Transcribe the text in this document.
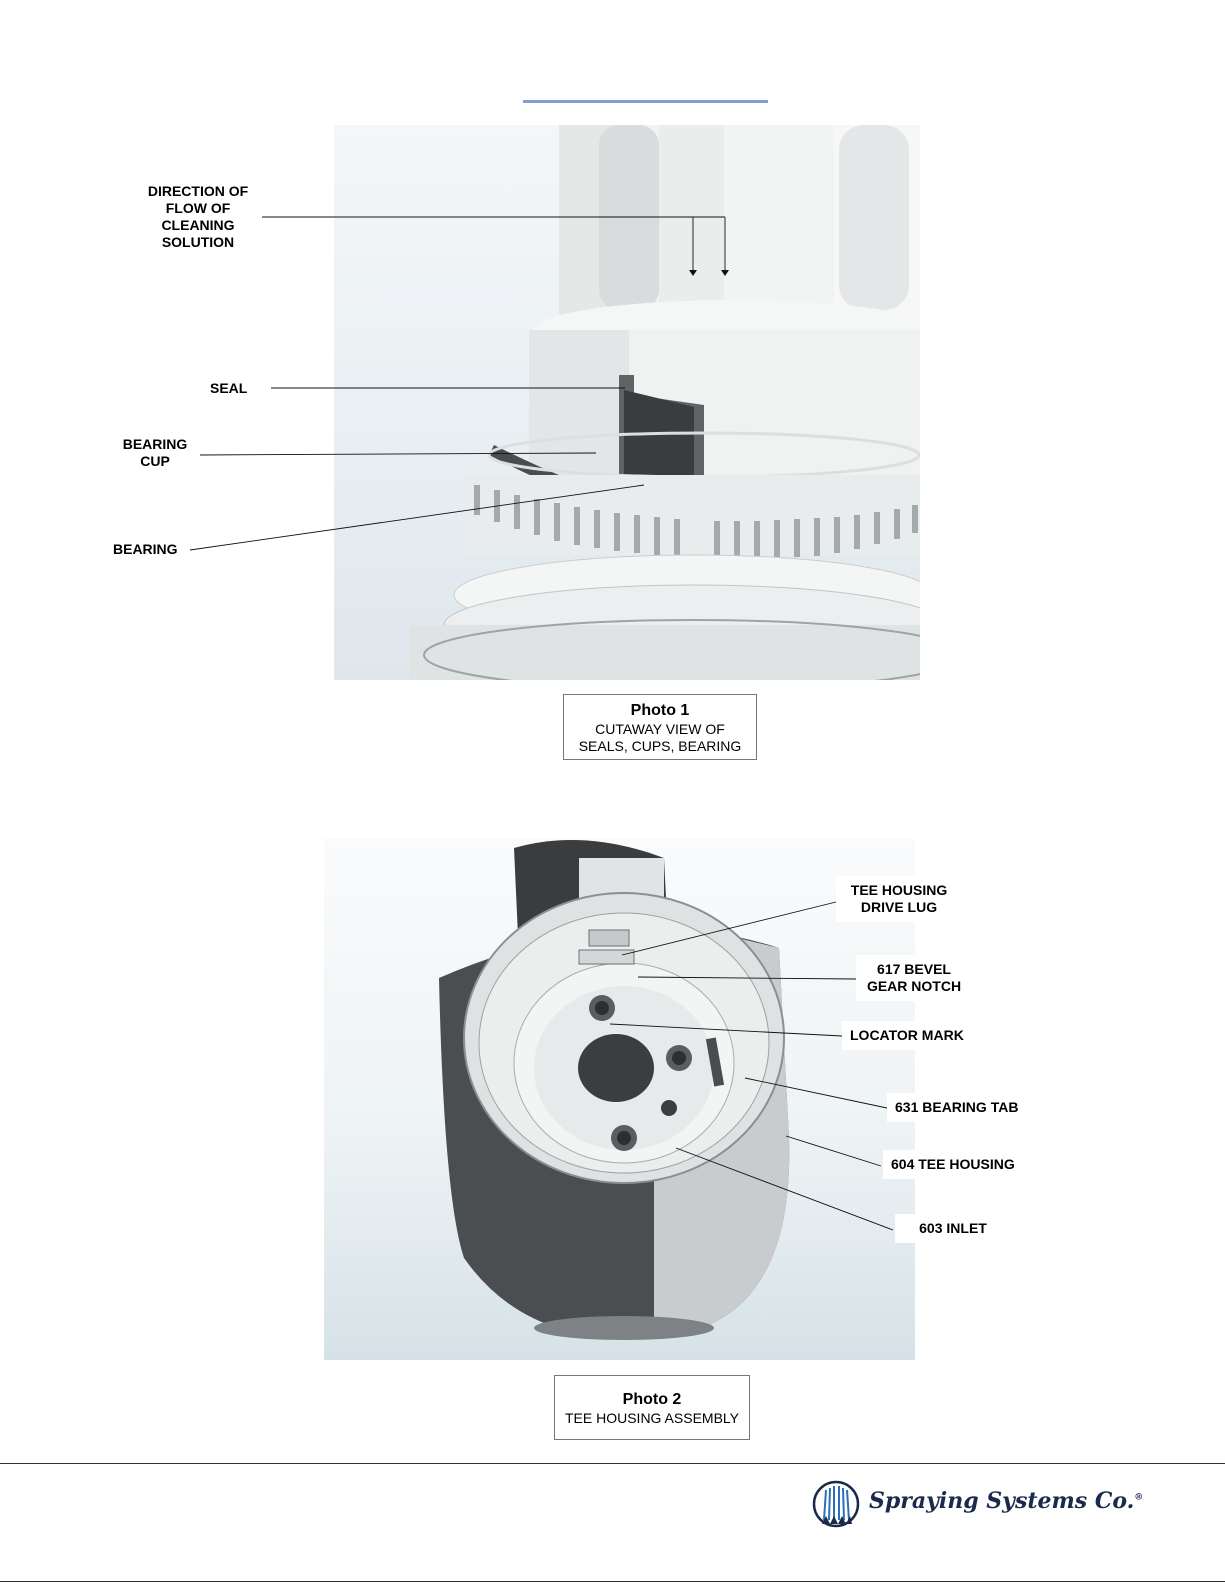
DIRECTION OF
FLOW OF
CLEANING
SOLUTION
SEAL
BEARING
CUP
BEARING
Photo 1
CUTAWAY VIEW OF
SEALS, CUPS, BEARING
TEE HOUSING
DRIVE LUG
617 BEVEL
GEAR NOTCH
LOCATOR MARK
631 BEARING TAB
604 TEE HOUSING
603 INLET
Photo 2
TEE HOUSING ASSEMBLY
Spraying Systems Co.®
